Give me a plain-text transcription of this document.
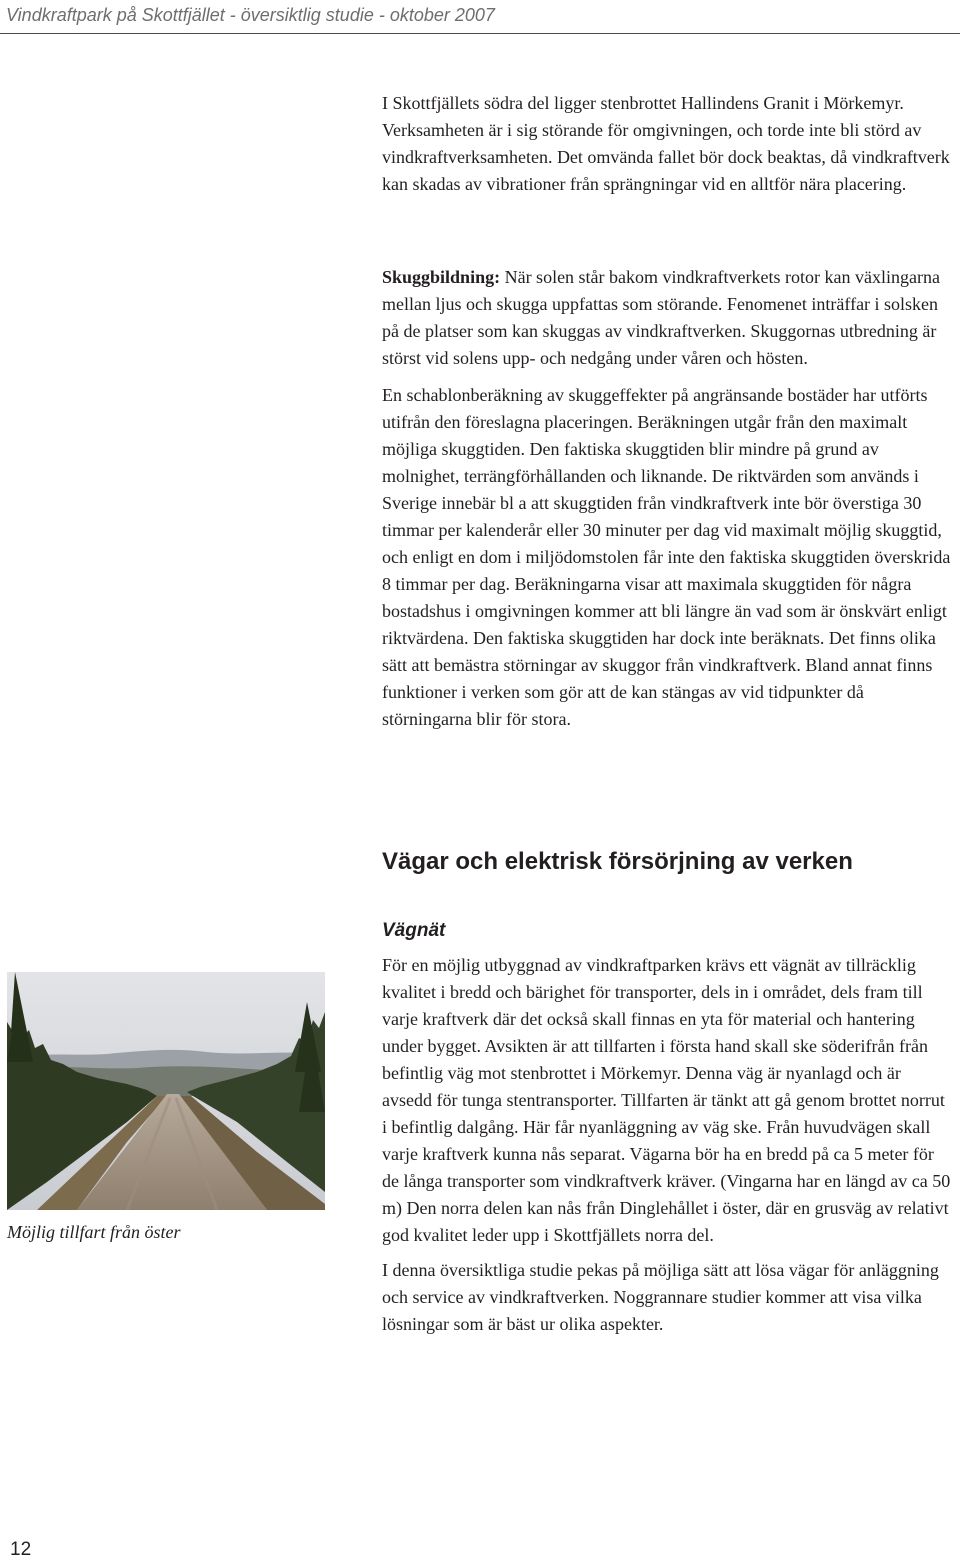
Vindkraftpark på Skottfjället - översiktlig studie - oktober 2007

I Skottfjällets södra del ligger stenbrottet Hallindens Granit i Mörkemyr. Verksamheten är i sig störande för omgivningen, och torde inte bli störd av vindkraftverksamheten. Det omvända fallet bör dock beaktas, då vindkraftverk kan skadas av vibrationer från sprängningar vid en alltför nära placering.

Skuggbildning: När solen står bakom vindkraftverkets rotor kan växlingarna mellan ljus och skugga uppfattas som störande. Fenomenet inträffar i solsken på de platser som kan skuggas av vindkraftverken. Skuggornas utbredning är störst vid solens upp- och nedgång under våren och hösten.

En schablonberäkning av skuggeffekter på angränsande bostäder har utförts utifrån den föreslagna placeringen. Beräkningen utgår från den maximalt möjliga skuggtiden. Den faktiska skuggtiden blir mindre på grund av molnighet, terrängförhållanden och liknande. De riktvärden som används i Sverige innebär bl a att skuggtiden från vindkraftverk inte bör överstiga 30 timmar per kalenderår eller 30 minuter per dag vid maximalt möjlig skuggtid, och enligt en dom i miljödomstolen får inte den faktiska skuggtiden överskrida 8 timmar per dag. Beräkningarna visar att maximala skuggtiden för några bostadshus i omgivningen kommer att bli längre än vad som är önskvärt enligt riktvärdena. Den faktiska skuggtiden har dock inte beräknats. Det finns olika sätt att bemästra störningar av skuggor från vindkraftverk. Bland annat finns funktioner i verken som gör att de kan stängas av vid tidpunkter då störningarna blir för stora.

Vägar och elektrisk försörjning av verken
Vägnät

För en möjlig utbyggnad av vindkraftparken krävs ett vägnät av tillräcklig kvalitet i bredd och bärighet för transporter, dels in i området, dels fram till varje kraftverk där det också skall finnas en yta för material och hantering under bygget. Avsikten är att tillfarten i första hand skall ske söderifrån från befintlig väg mot stenbrottet i Mörkemyr. Denna väg är nyanlagd och är avsedd för tunga stentransporter. Tillfarten är tänkt att gå genom brottet norrut i befintlig dalgång. Här får nyanläggning av väg ske. Från huvudvägen skall varje kraftverk kunna nås separat. Vägarna bör ha en bredd på ca 5 meter för de långa transporter som vindkraftverk kräver. (Vingarna har en längd av ca 50 m) Den norra delen kan nås från Dinglehållet i öster, där en grusväg av relativt god kvalitet leder upp i Skottfjällets norra del.

I denna översiktliga studie pekas på möjliga sätt att lösa vägar för anläggning och service av vindkraftverken. Noggrannare studier kommer att visa vilka lösningar som är bäst ur olika aspekter.

Möjlig tillfart från öster
12
